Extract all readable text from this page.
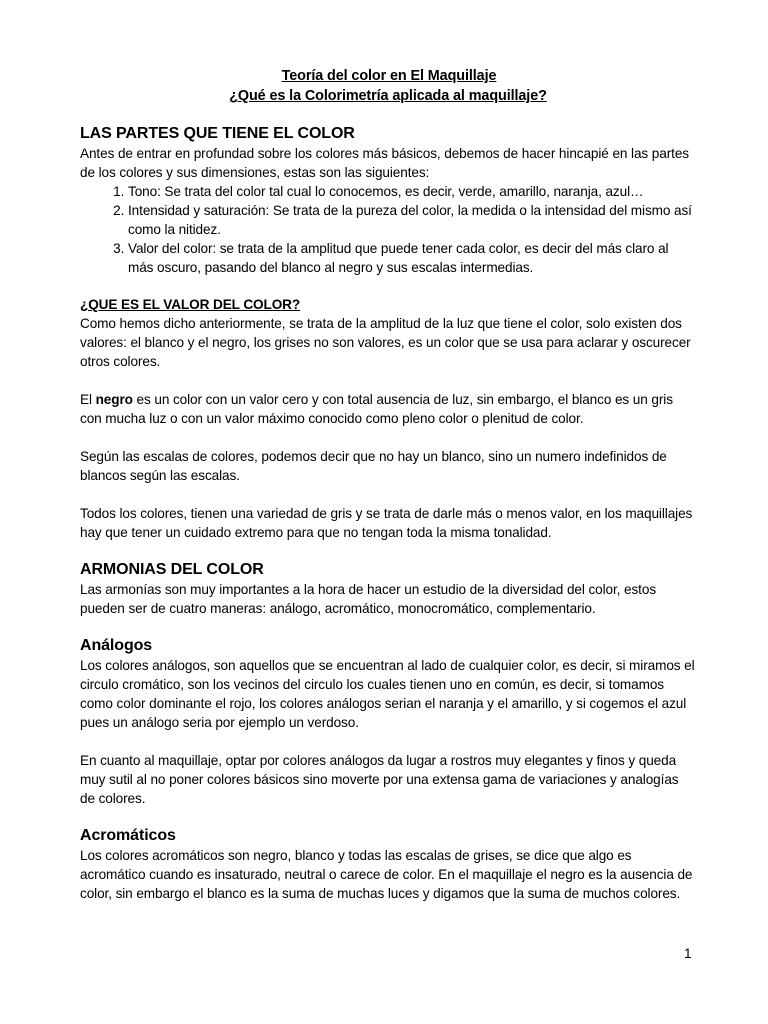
Teoría del color en El Maquillaje

¿Qué es la Colorimetría aplicada al maquillaje?

LAS PARTES QUE TIENE EL COLOR

Antes de entrar en profundad sobre los colores más básicos, debemos de hacer hincapié en las partes de los colores y sus dimensiones, estas son las siguientes:

1. Tono: Se trata del color tal cual lo conocemos, es decir, verde, amarillo, naranja, azul…
2. Intensidad y saturación: Se trata de la pureza del color, la medida o la intensidad del mismo así como la nitidez.
3. Valor del color: se trata de la amplitud que puede tener cada color, es decir del más claro al más oscuro, pasando del blanco al negro y sus escalas intermedias.

¿QUE ES EL VALOR DEL COLOR?

Como hemos dicho anteriormente, se trata de la amplitud de la luz que tiene el color, solo existen dos valores: el blanco y el negro, los grises no son valores, es un color que se usa para aclarar y oscurecer otros colores.

El negro es un color con un valor cero y con total ausencia de luz, sin embargo, el blanco es un gris con mucha luz o con un valor máximo conocido como pleno color o plenitud de color.

Según las escalas de colores, podemos decir que no hay un blanco, sino un numero indefinidos de blancos según las escalas.

Todos los colores, tienen una variedad de gris y se trata de darle más o menos valor, en los maquillajes hay que tener un cuidado extremo para que no tengan toda la misma tonalidad.

ARMONIAS DEL COLOR

Las armonías son muy importantes a la hora de hacer un estudio de la diversidad del color, estos pueden ser de cuatro maneras: análogo, acromático, monocromático, complementario.

Análogos

Los colores análogos, son aquellos que se encuentran al lado de cualquier color, es decir, si miramos el circulo cromático, son los vecinos del circulo los cuales tienen uno en común, es decir, si tomamos como color dominante el rojo, los colores análogos serian el naranja y el amarillo, y si cogemos el azul pues un análogo seria por ejemplo un verdoso.

En cuanto al maquillaje, optar por colores análogos da lugar a rostros muy elegantes y finos y queda muy sutil al no poner colores básicos sino moverte por una extensa gama de variaciones y analogías de colores.

Acromáticos

Los colores acromáticos son negro, blanco y todas las escalas de grises, se dice que algo es acromático cuando es insaturado, neutral o carece de color. En el maquillaje el negro es la ausencia de color, sin embargo el blanco es la suma de muchas luces y digamos que la suma de muchos colores.

1
